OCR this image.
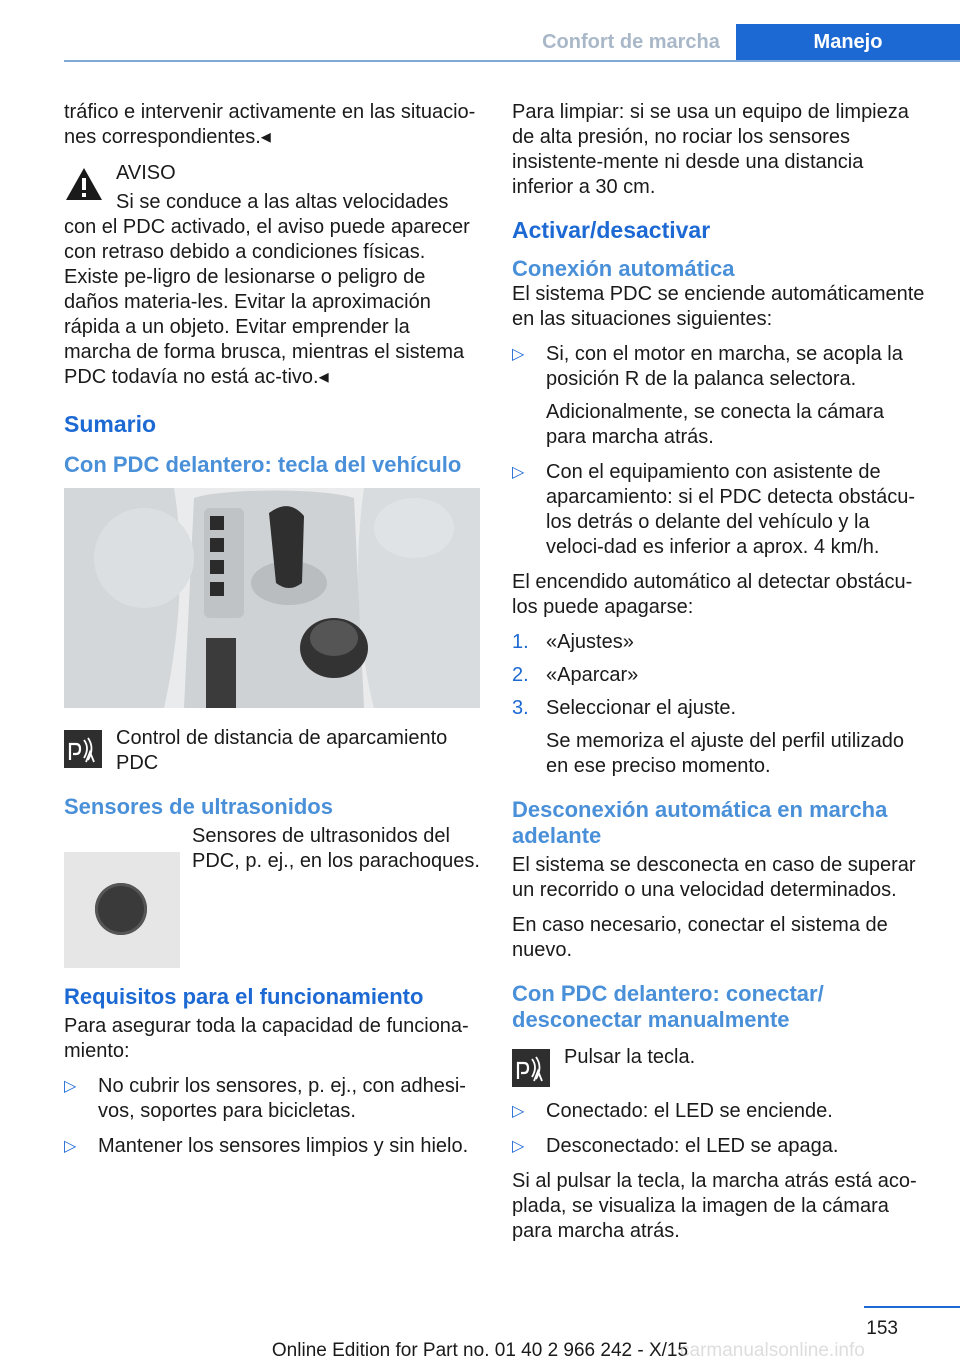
Confort de marcha	Manejo

tráfico e intervenir activamente en las situacio-nes correspondientes.◂

AVISO

Si se conduce a las altas velocidades con el PDC activado, el aviso puede aparecer con retraso debido a condiciones físicas. Existe pe-ligro de lesionarse o peligro de daños materia-les. Evitar la aproximación rápida a un objeto. Evitar emprender la marcha de forma brusca, mientras el sistema PDC todavía no está ac-tivo.◂

Sumario
Con PDC delantero: tecla del vehículo
Control de distancia de aparcamiento PDC
Sensores de ultrasonidos
Sensores de ultrasonidos del PDC, p. ej., en los parachoques.
Requisitos para el funcionamiento

Para asegurar toda la capacidad de funciona-miento:

▷ No cubrir los sensores, p. ej., con adhesi-vos, soportes para bicicletas.
▷ Mantener los sensores limpios y sin hielo.

Para limpiar: si se usa un equipo de limpieza de alta presión, no rociar los sensores insistente-mente ni desde una distancia inferior a 30 cm.

Activar/desactivar
Conexión automática

El sistema PDC se enciende automáticamente en las situaciones siguientes:

▷ Si, con el motor en marcha, se acopla la posición R de la palanca selectora.
Adicionalmente, se conecta la cámara para marcha atrás.
▷ Con el equipamiento con asistente de aparcamiento: si el PDC detecta obstácu-los detrás o delante del vehículo y la veloci-dad es inferior a aprox. 4 km/h.

El encendido automático al detectar obstácu-los puede apagarse:

1. «Ajustes»
2. «Aparcar»
3. Seleccionar el ajuste.
Se memoriza el ajuste del perfil utilizado en ese preciso momento.
Desconexión automática en marcha adelante

El sistema se desconecta en caso de superar un recorrido o una velocidad determinados.

En caso necesario, conectar el sistema de nuevo.

Con PDC delantero: conectar/ desconectar manualmente
Pulsar la tecla.
▷ Conectado: el LED se enciende.
▷ Desconectado: el LED se apaga.

Si al pulsar la tecla, la marcha atrás está aco-plada, se visualiza la imagen de la cámara para marcha atrás.

153
Online Edition for Part no. 01 40 2 966 242 - X/15
carmanualsonline.info
